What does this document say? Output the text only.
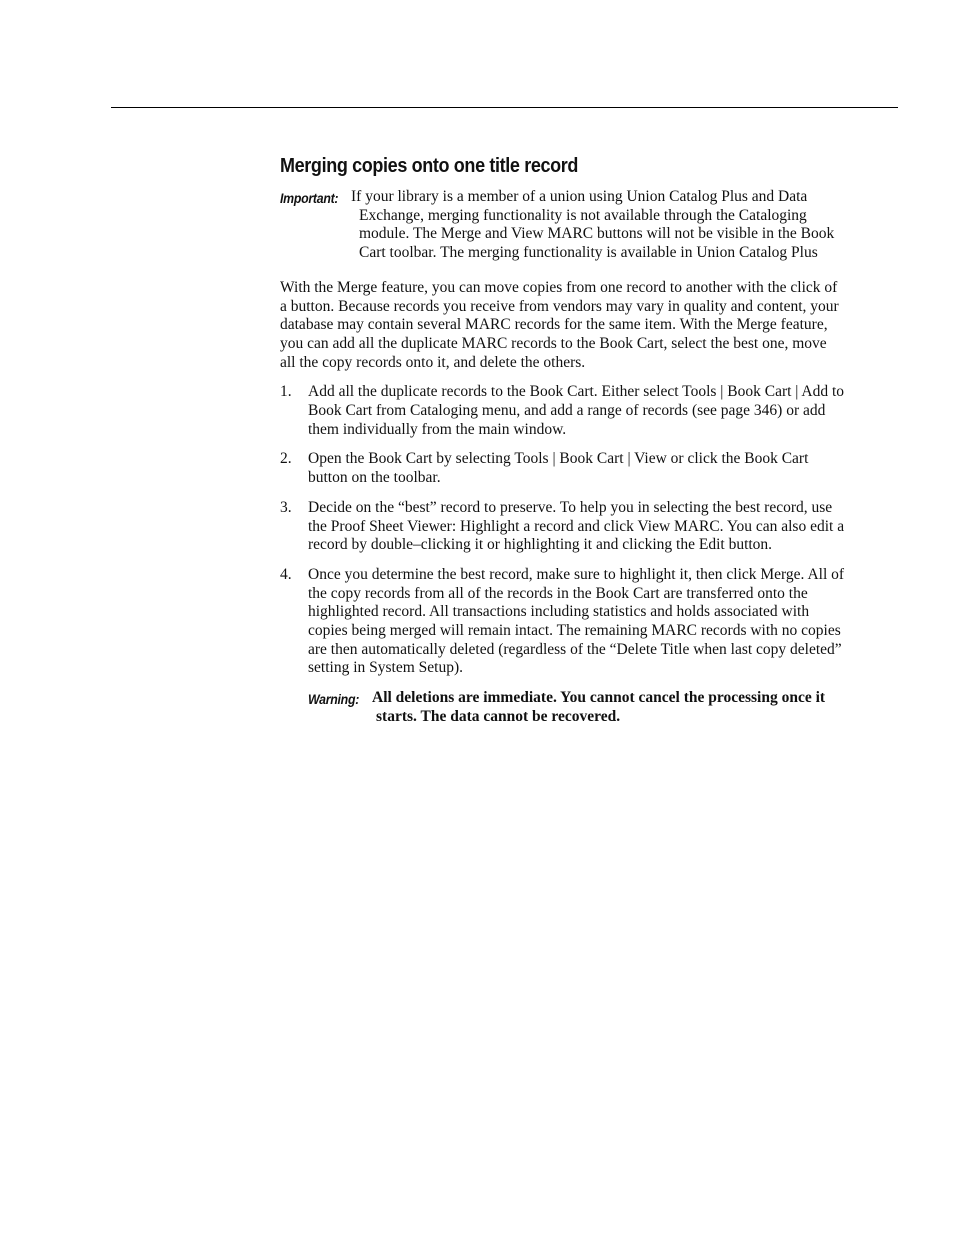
Merging copies onto one title record
Important: If your library is a member of a union using Union Catalog Plus and Data Exchange, merging functionality is not available through the Cataloging module. The Merge and View MARC buttons will not be visible in the Book Cart toolbar. The merging functionality is available in Union Catalog Plus

With the Merge feature, you can move copies from one record to another with the click of a button. Because records you receive from vendors may vary in quality and content, your database may contain several MARC records for the same item. With the Merge feature, you can add all the duplicate MARC records to the Book Cart, select the best one, move all the copy records onto it, and delete the others.

1. Add all the duplicate records to the Book Cart. Either select Tools | Book Cart | Add to Book Cart from Cataloging menu, and add a range of records (see page 346) or add them individually from the main window.
2. Open the Book Cart by selecting Tools | Book Cart | View or click the Book Cart button on the toolbar.
3. Decide on the “best” record to preserve. To help you in selecting the best record, use the Proof Sheet Viewer: Highlight a record and click View MARC. You can also edit a record by double–clicking it or highlighting it and clicking the Edit button.
4. Once you determine the best record, make sure to highlight it, then click Merge. All of the copy records from all of the records in the Book Cart are transferred onto the highlighted record. All transactions including statistics and holds associated with copies being merged will remain intact. The remaining MARC records with no copies are then automatically deleted (regardless of the “Delete Title when last copy deleted” setting in System Setup).
Warning: All deletions are immediate. You cannot cancel the processing once it starts. The data cannot be recovered.
